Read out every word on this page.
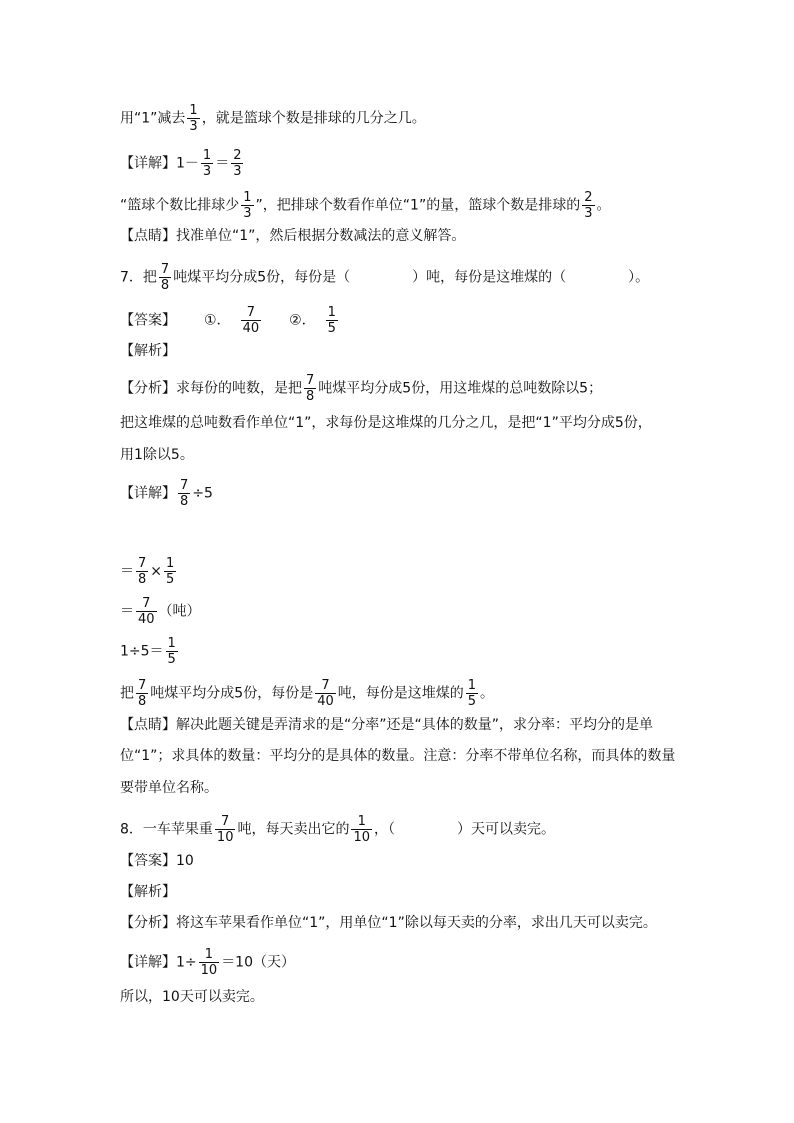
用“1”减去 $\frac{1}{3}$ ，就是篮球个数是排球的几分之几。
【详解】$1- \frac{1}{3} = \frac{2}{3}$
“篮球个数比排球少 $\frac{1}{3}$ ”，把排球个数看作单位“1”的量，篮球个数是排球的 $\frac{2}{3}$ 。
【点睛】找准单位“1”，然后根据分数减法的意义解答。
7．把 $\frac{7}{8}$ 吨煤平均分成5份，每份是（	）吨，每份是这堆煤的（	）。
【答案】 ①． $\frac{7}{40}$ ②． $\frac{1}{5}$
【解析】
【分析】求每份的吨数，是把 $\frac{7}{8}$ 吨煤平均分成5份，用这堆煤的总吨数除以5；
把这堆煤的总吨数看作单位“1”，求每份是这堆煤的几分之几，是把“1”平均分成5份，
用1除以5。
【详解】 $\frac{7}{8} \div 5$
＝ $\frac{7}{8} \times \frac{1}{5}$
＝ $\frac{7}{40}$ （吨）
$1\div 5= \frac{1}{5}$
把 $\frac{7}{8}$ 吨煤平均分成5份，每份是 $\frac{7}{40}$ 吨，每份是这堆煤的 $\frac{1}{5}$ 。
【点睛】解决此题关键是弄清求的是“分率”还是“具体的数量”，求分率：平均分的是单
位“1”；求具体的数量：平均分的是具体的数量。注意：分率不带单位名称，而具体的数量
要带单位名称。
8．一车苹果重 $\frac{7}{10}$ 吨，每天卖出它的 $\frac{1}{10}$ ，（	）天可以卖完。
【答案】10
【解析】
【分析】将这车苹果看作单位“1”，用单位“1”除以每天卖的分率，求出几天可以卖完。
【详解】$1\div \frac{1}{10} =10$（天）
所以，10天可以卖完。
